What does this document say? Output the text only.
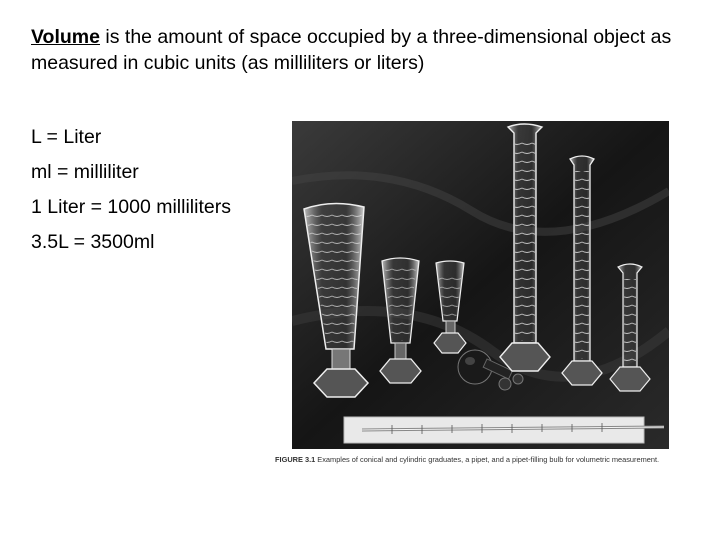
Volume is the amount of space occupied by a three-dimensional object as measured in cubic units (as milliliters or liters)
L = Liter
ml = milliliter
1 Liter = 1000 milliliters
3.5L = 3500ml
FIGURE 3.1 Examples of conical and cylindric graduates, a pipet, and a pipet-filling bulb for volumetric measurement.
